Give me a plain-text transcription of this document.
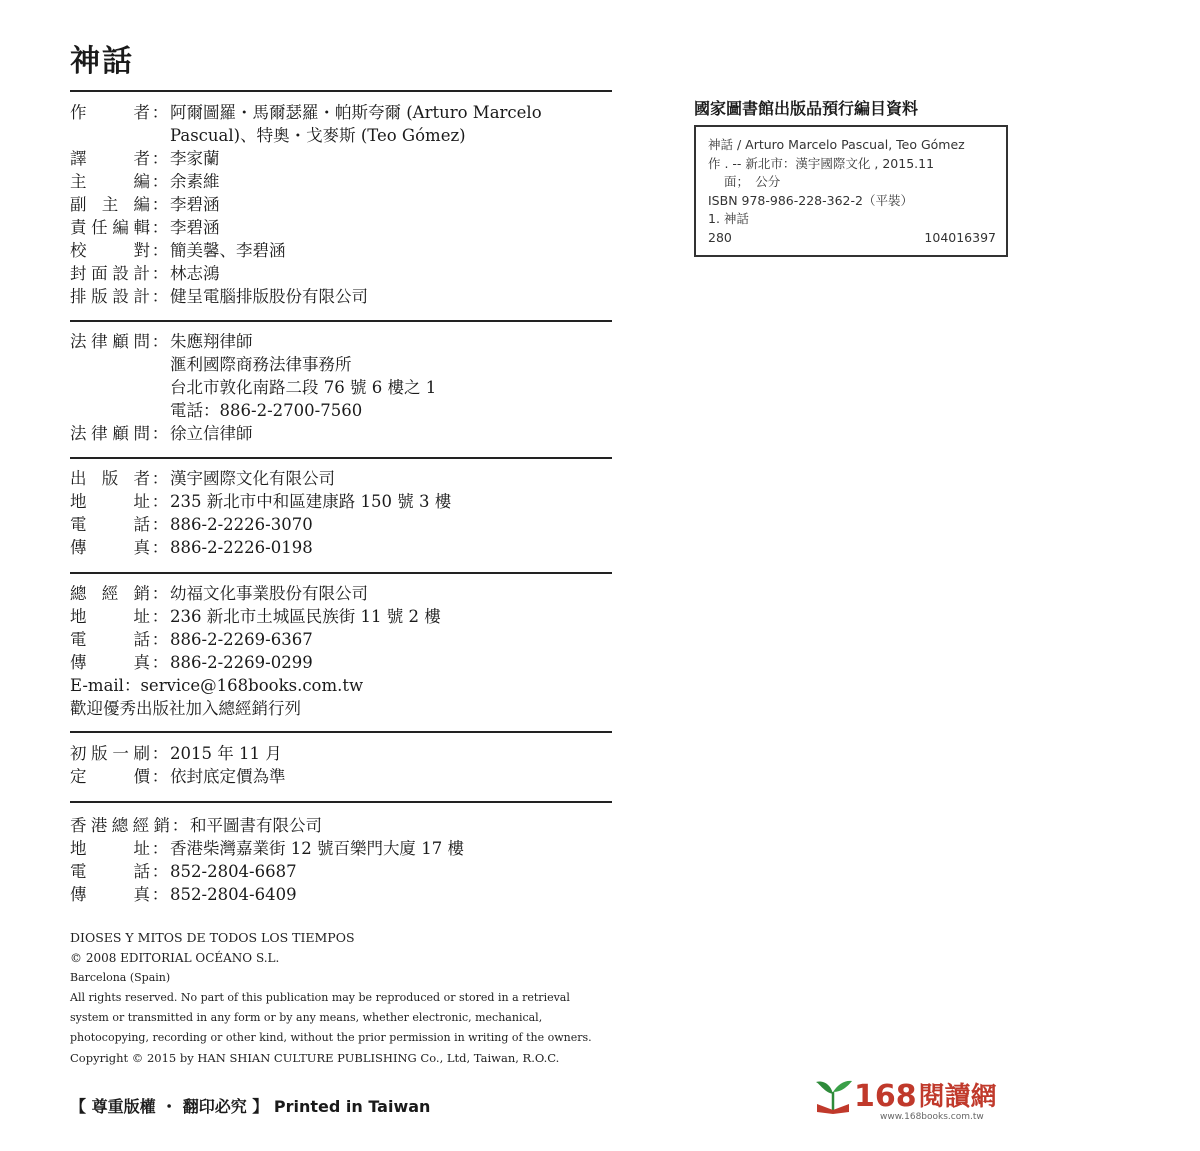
神話
作　者 ： 阿爾圖羅・馬爾瑟羅・帕斯夸爾 (Arturo Marcelo
Pascual)、特奧・戈麥斯 (Teo Gómez)
譯　者 ： 李家蘭
主　編 ： 余素維
副主編 ： 李碧涵
責任編輯 ： 李碧涵
校　對 ： 簡美馨、李碧涵
封面設計 ： 林志鴻
排版設計 ： 健呈電腦排版股份有限公司
法律顧問 ： 朱應翔律師
滙利國際商務法律事務所
台北市敦化南路二段 76 號 6 樓之 1
電話：886-2-2700-7560
法律顧問 ： 徐立信律師
出版者 ： 漢宇國際文化有限公司
地　址 ： 235 新北市中和區建康路 150 號 3 樓
電　話 ： 886-2-2226-3070
傳　真 ： 886-2-2226-0198
總經銷 ： 幼福文化事業股份有限公司
地　址 ： 236 新北市土城區民族街 11 號 2 樓
電　話 ： 886-2-2269-6367
傳　真 ： 886-2-2269-0299
E-mail：service@168books.com.tw
歡迎優秀出版社加入總經銷行列
初版一刷 ： 2015 年 11 月
定　價 ： 依封底定價為準
香港總經銷 ： 和平圖書有限公司
地　址 ： 香港柴灣嘉業街 12 號百樂門大廈 17 樓
電　話 ： 852-2804-6687
傳　真 ： 852-2804-6409
DIOSES Y MITOS DE TODOS LOS TIEMPOS
© 2008 EDITORIAL OCÉANO S.L.
Barcelona (Spain)
All rights reserved. No part of this publication may be reproduced or stored in a retrieval system or transmitted in any form or by any means, whether electronic, mechanical, photocopying, recording or other kind, without the prior permission in writing of the owners.
Copyright © 2015 by HAN SHIAN CULTURE PUBLISHING Co., Ltd, Taiwan, R.O.C.
【 尊重版權 ・ 翻印必究 】 Printed in Taiwan
國家圖書館出版品預行編目資料
神話 / Arturo Marcelo Pascual, Teo Gómez
作 . -- 新北市：漢宇國際文化 , 2015.11
面；　公分
ISBN 978-986-228-362-2（平裝）
1. 神話
280	104016397
168 閱讀網
www.168books.com.tw
